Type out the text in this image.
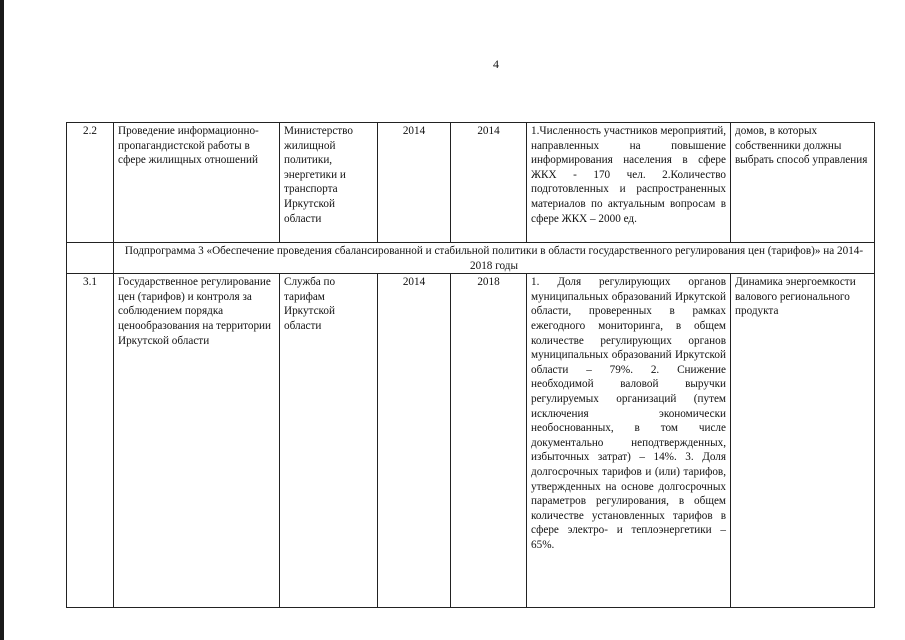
4
2.2	Проведение информационно-пропагандистской работы в сфере жилищных отношений	Министерство жилищной политики, энергетики и транспорта Иркутской области	2014	2014	1.Численность участников мероприятий, направленных на повышение информирования населения в сфере ЖКХ - 170 чел. 2.Количество подготовленных и распространенных материалов по актуальным вопросам в сфере ЖКХ – 2000 ед.	домов, в которых собственники должны выбрать способ управления
	Подпрограмма 3 «Обеспечение проведения сбалансированной и стабильной политики в области государственного регулирования цен (тарифов)» на 2014-2018 годы					
3.1	Государственное регулирование цен (тарифов) и контроля за соблюдением порядка ценообразования на территории Иркутской области	Служба по тарифам Иркутской области	2014	2018	1. Доля регулирующих органов муниципальных образований Иркутской области, проверенных в рамках ежегодного мониторинга, в общем количестве регулирующих органов муниципальных образований Иркутской области – 79%. 2. Снижение необходимой валовой выручки регулируемых организаций (путем исключения экономически необоснованных, в том числе документально неподтвержденных, избыточных затрат) – 14%. 3. Доля долгосрочных тарифов и (или) тарифов, утвержденных на основе долгосрочных параметров регулирования, в общем количестве установленных тарифов в сфере электро- и теплоэнергетики – 65%.	Динамика энергоемкости валового регионального продукта
